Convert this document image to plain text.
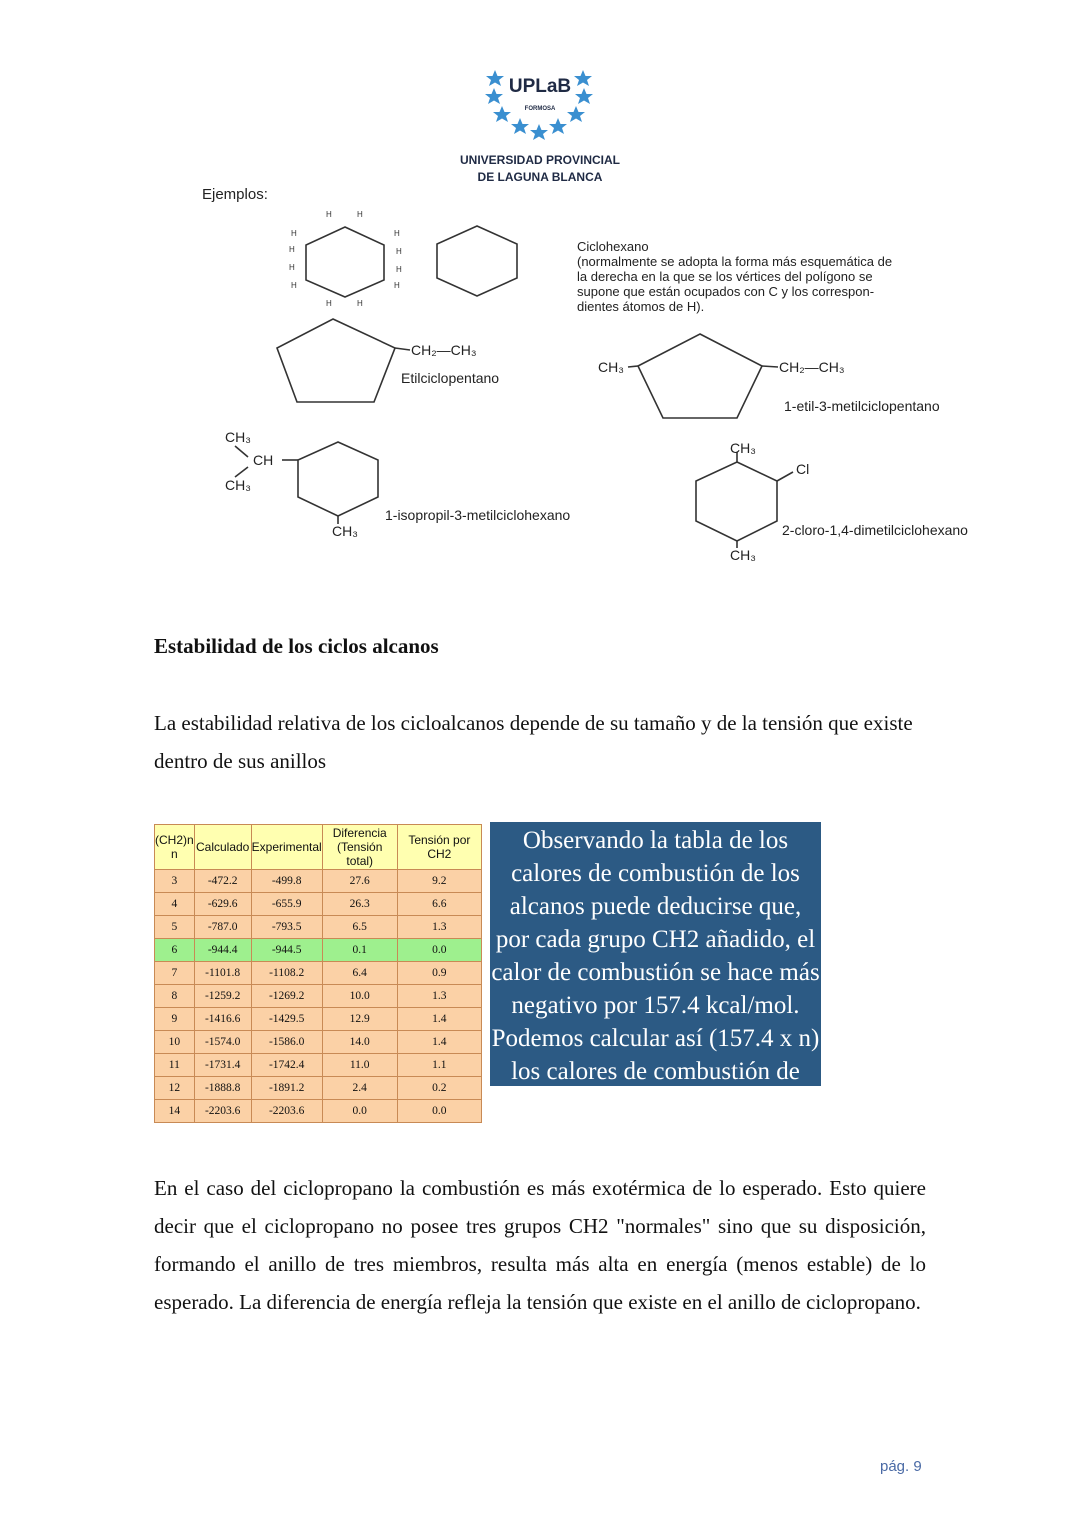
UPLaB
FORMOSA
UNIVERSIDAD PROVINCIAL
DE LAGUNA BLANCA
Ejemplos:
H	H
H	H
H	H
H	H
H	H
H	H
Ciclohexano
(normalmente se adopta la forma más esquemática de
la derecha en la que se los vértices del polígono se
supone que están ocupados con C y los correspon-
dientes átomos de H).
CH₂—CH₃
Etilciclopentano
CH₃	CH₂—CH₃
1-etil-3-metilciclopentano
CH₃
CH
CH₃
CH₃
1-isopropil-3-metilciclohexano
CH₃
Cl
CH₃
2-cloro-1,4-dimetilciclohexano
Estabilidad de los ciclos alcanos
La estabilidad relativa de los cicloalcanos depende de su tamaño y de la tensión que existe dentro de sus anillos
(CH2)n n	Calculado	Experimental	Diferencia (Tensión total)	Tensión por CH2
3	-472.2	-499.8	27.6	9.2
4	-629.6	-655.9	26.3	6.6
5	-787.0	-793.5	6.5	1.3
6	-944.4	-944.5	0.1	0.0
7	-1101.8	-1108.2	6.4	0.9
8	-1259.2	-1269.2	10.0	1.3
9	-1416.6	-1429.5	12.9	1.4
10	-1574.0	-1586.0	14.0	1.4
11	-1731.4	-1742.4	11.0	1.1
12	-1888.8	-1891.2	2.4	0.2
14	-2203.6	-2203.6	0.0	0.0
Observando la tabla de los calores de combustión de los alcanos puede deducirse que, por cada grupo CH2 añadido, el calor de combustión se hace más negativo por 157.4 kcal/mol. Podemos calcular así (157.4 x n) los calores de combustión de cicloalcanos (CH2)n.
En el caso del ciclopropano la combustión es más exotérmica de lo esperado. Esto quiere decir que el ciclopropano no posee tres grupos CH2 "normales" sino que su disposición, formando el anillo de tres miembros, resulta más alta en energía (menos estable) de lo esperado. La diferencia de energía refleja la tensión que existe en el anillo de ciclopropano.
pág. 9
